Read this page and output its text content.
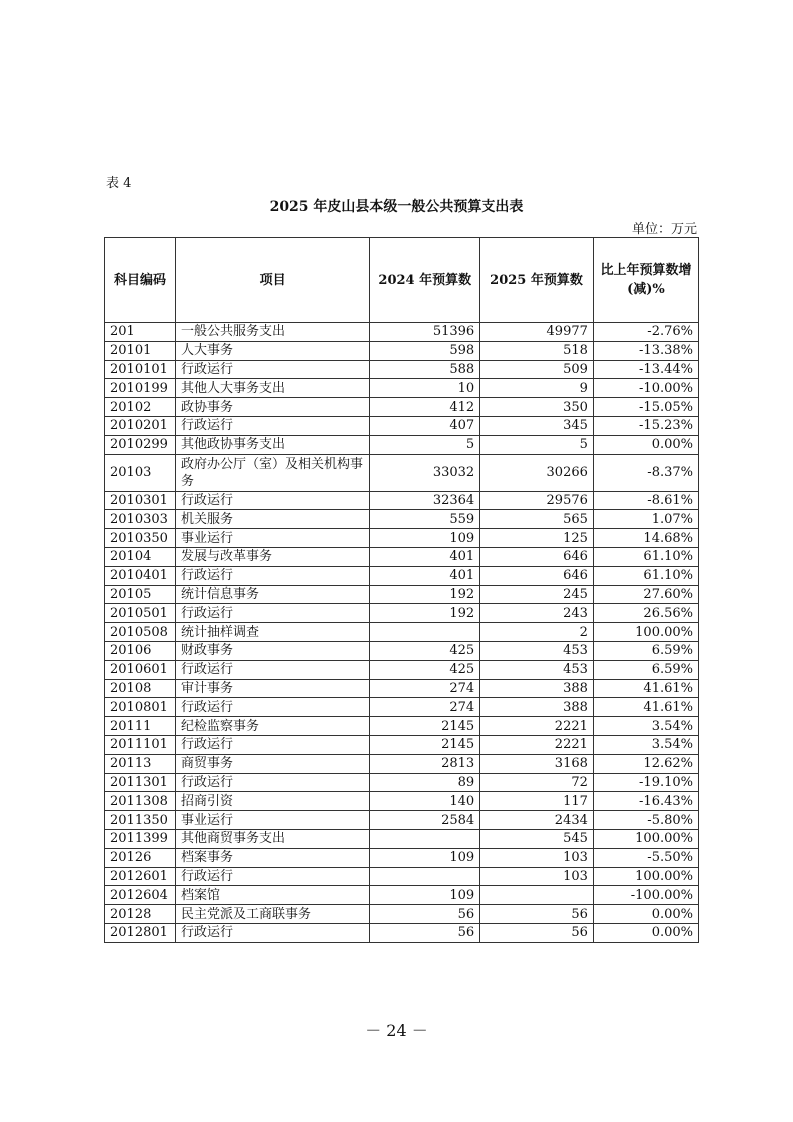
表 4
2025 年皮山县本级一般公共预算支出表
单位：万元
科目编码	项目	2024 年预算数	2025 年预算数	比上年预算数增 (减)%
201	一般公共服务支出	51396	49977	-2.76%
20101	人大事务	598	518	-13.38%
2010101	行政运行	588	509	-13.44%
2010199	其他人大事务支出	10	9	-10.00%
20102	政协事务	412	350	-15.05%
2010201	行政运行	407	345	-15.23%
2010299	其他政协事务支出	5	5	0.00%
20103	政府办公厅（室）及相关机构事务	33032	30266	-8.37%
2010301	行政运行	32364	29576	-8.61%
2010303	机关服务	559	565	1.07%
2010350	事业运行	109	125	14.68%
20104	发展与改革事务	401	646	61.10%
2010401	行政运行	401	646	61.10%
20105	统计信息事务	192	245	27.60%
2010501	行政运行	192	243	26.56%
2010508	统计抽样调查		2	100.00%
20106	财政事务	425	453	6.59%
2010601	行政运行	425	453	6.59%
20108	审计事务	274	388	41.61%
2010801	行政运行	274	388	41.61%
20111	纪检监察事务	2145	2221	3.54%
2011101	行政运行	2145	2221	3.54%
20113	商贸事务	2813	3168	12.62%
2011301	行政运行	89	72	-19.10%
2011308	招商引资	140	117	-16.43%
2011350	事业运行	2584	2434	-5.80%
2011399	其他商贸事务支出		545	100.00%
20126	档案事务	109	103	-5.50%
2012601	行政运行		103	100.00%
2012604	档案馆	109		-100.00%
20128	民主党派及工商联事务	56	56	0.00%
2012801	行政运行	56	56	0.00%
－ 24 －
